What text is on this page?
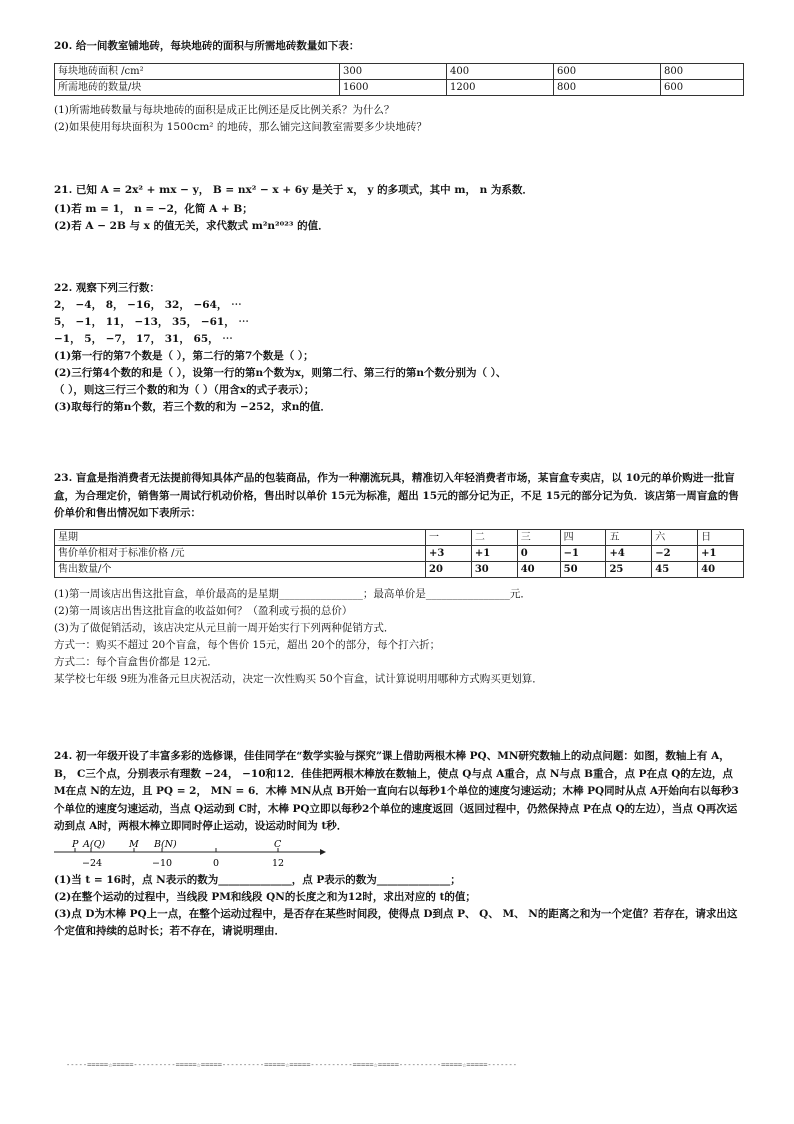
20. 给一间教室铺地砖，每块地砖的面积与所需地砖数量如下表：
每块地砖面积 /cm²	300	400	600	800
所需地砖的数量/块	1600	1200	800	600
(1)所需地砖数量与每块地砖的面积是成正比例还是反比例关系？为什么？
(2)如果使用每块面积为 1500cm² 的地砖，那么铺完这间教室需要多少块地砖？
21. 已知 A = 2x² + mx − y， B = nx² − x + 6y 是关于 x， y 的多项式，其中 m， n 为系数．
(1)若 m = 1， n = −2，化简 A + B；
(2)若 A − 2B 与 x 的值无关，求代数式 m²n²⁰²³ 的值．
22. 观察下列三行数：
2， −4， 8， −16， 32， −64， ⋯
5， −1， 11， −13， 35， −61， ⋯
−1， 5， −7， 17， 31， 65， ⋯
(1)第一行的第7个数是（ ），第二行的第7个数是（ ）；
(2)三行第4个数的和是（ ），设第一行的第n个数为x，则第二行、第三行的第n个数分别为（ ）、
（ ），则这三行三个数的和为（ ）（用含x的式子表示）；
(3)取每行的第n个数，若三个数的和为 −252，求n的值．
23. 盲盒是指消费者无法提前得知具体产品的包装商品，作为一种潮流玩具，精准切入年轻消费者市场，某盲盒专卖店，以 10元的单价购进一批盲盒，为合理定价，销售第一周试行机动价格，售出时以单价 15元为标准，超出 15元的部分记为正，不足 15元的部分记为负．该店第一周盲盒的售价单价和售出情况如下表所示：
星期	一	二	三	四	五	六	日
售价单价相对于标准价格 /元	+3	+1	0	−1	+4	−2	+1
售出数量/个	20	30	40	50	25	45	40
(1)第一周该店出售这批盲盒，单价最高的是星期________________；最高单价是________________元．
(2)第一周该店出售这批盲盒的收益如何？（盈利或亏损的总价）
(3)为了做促销活动，该店决定从元旦前一周开始实行下列两种促销方式．
方式一：购买不超过 20个盲盒，每个售价 15元，超出 20个的部分，每个打六折；
方式二：每个盲盒售价都是 12元．
某学校七年级 9班为准备元旦庆祝活动，决定一次性购买 50个盲盒，试计算说明用哪种方式购买更划算．
24. 初一年级开设了丰富多彩的选修课，佳佳同学在“数学实验与探究”课上借助两根木棒 PQ、MN研究数轴上的动点问题：如图，数轴上有 A， B， C三个点，分别表示有理数 −24， −10和12．佳佳把两根木棒放在数轴上，使点 Q与点 A重合，点 N与点 B重合，点 P在点 Q的左边，点 M在点 N的左边，且 PQ = 2， MN = 6．木棒 MN从点 B开始一直向右以每秒1个单位的速度匀速运动；木棒 PQ同时从点 A开始向右以每秒3个单位的速度匀速运动，当点 Q运动到 C时，木棒 PQ立即以每秒2个单位的速度返回（返回过程中，仍然保持点 P在点 Q的左边），当点 Q再次运动到点 A时，两根木棒立即同时停止运动，设运动时间为 t秒．
P A(Q)	M B(N)	C
−24	−10	0	12
(1)当 t = 16时，点 N表示的数为______________，点 P表示的数为______________；
(2)在整个运动的过程中，当线段 PM和线段 QN的长度之和为12时，求出对应的 t的值；
(3)点 D为木棒 PQ上一点，在整个运动过程中，是否存在某些时间段，使得点 D到点 P、 Q、 M、 N的距离之和为一个定值？若存在，请求出这个定值和持续的总时长；若不存在，请说明理由．
-----=====☆=====----------=====☆=====----------=====☆=====----------=====☆=====----------=====☆=====-------
